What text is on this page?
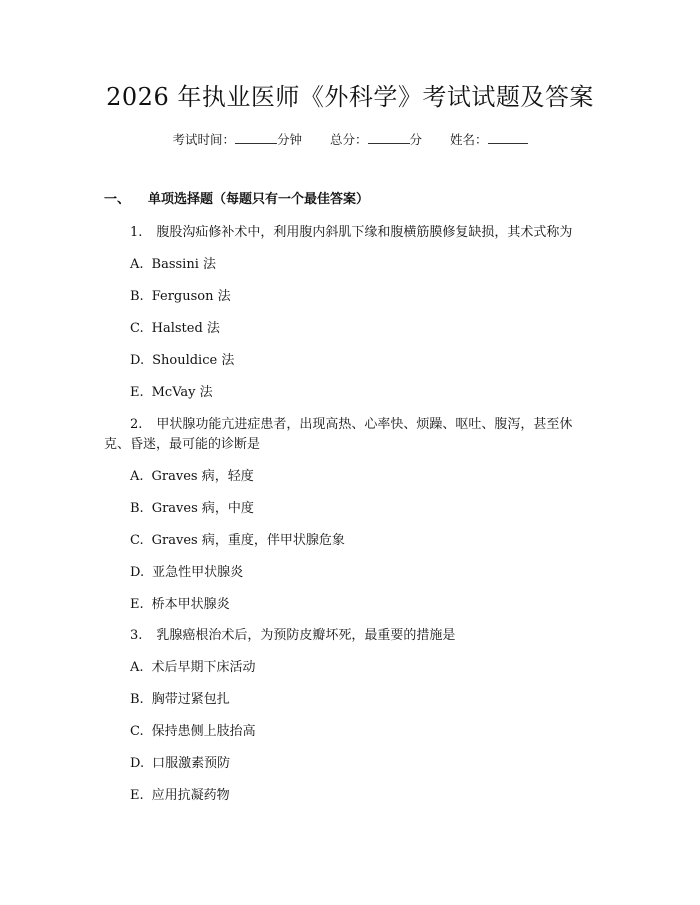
2026 年执业医师《外科学》考试试题及答案
考试时间：	分钟 总分：	分 姓名：
一、 单项选择题（每题只有一个最佳答案）
1. 腹股沟疝修补术中，利用腹内斜肌下缘和腹横筋膜修复缺损，其术式称为
A. Bassini 法
B. Ferguson 法
C. Halsted 法
D. Shouldice 法
E. McVay 法
2. 甲状腺功能亢进症患者，出现高热、心率快、烦躁、呕吐、腹泻，甚至休
克、昏迷，最可能的诊断是
A. Graves 病，轻度
B. Graves 病，中度
C. Graves 病，重度，伴甲状腺危象
D. 亚急性甲状腺炎
E. 桥本甲状腺炎
3. 乳腺癌根治术后，为预防皮瓣坏死，最重要的措施是
A. 术后早期下床活动
B. 胸带过紧包扎
C. 保持患侧上肢抬高
D. 口服激素预防
E. 应用抗凝药物
